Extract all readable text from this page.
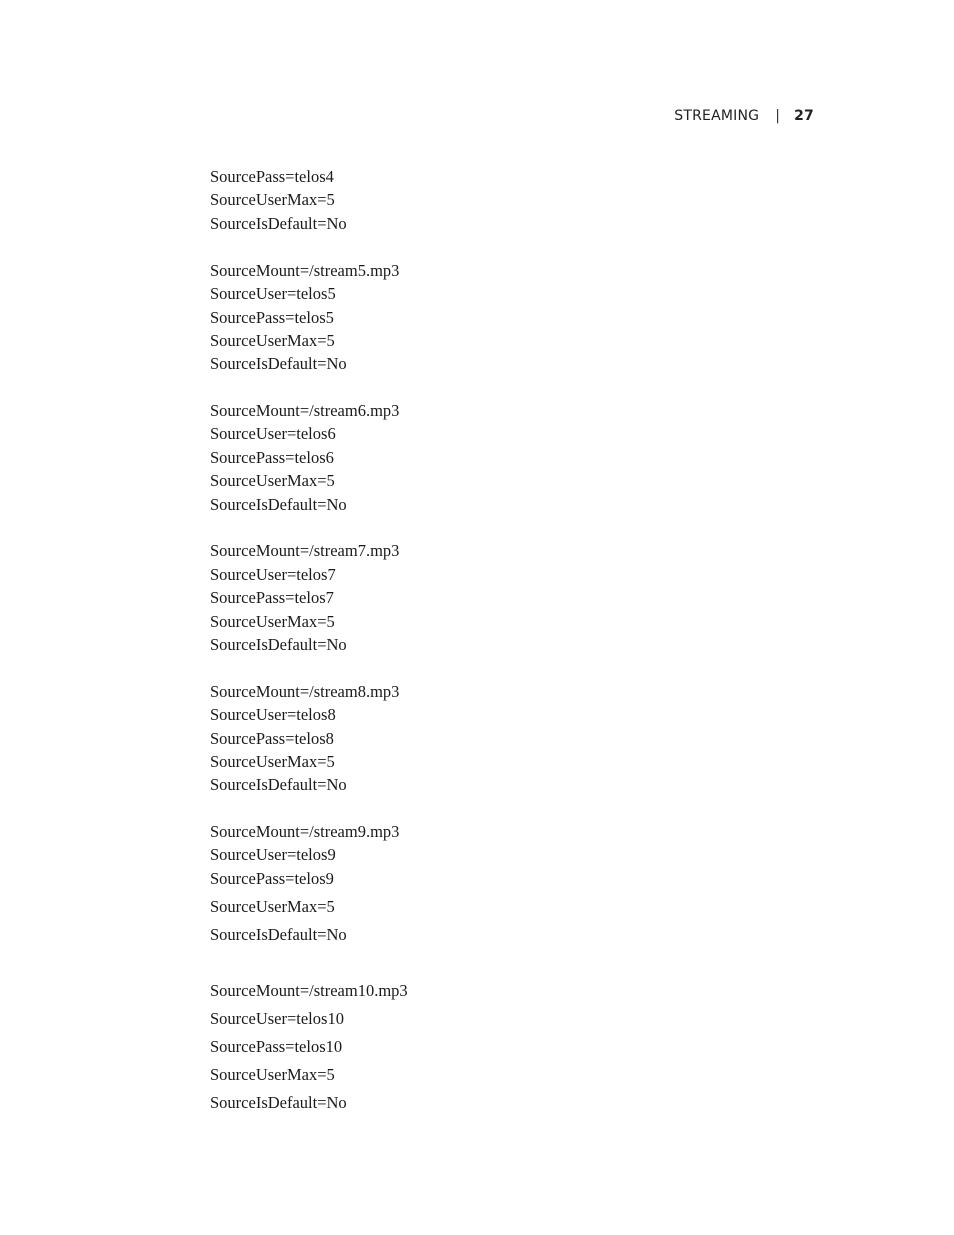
STREAMING | 27
SourcePass=telos4
SourceUserMax=5
SourceIsDefault=No
SourceMount=/stream5.mp3
SourceUser=telos5
SourcePass=telos5
SourceUserMax=5
SourceIsDefault=No
SourceMount=/stream6.mp3
SourceUser=telos6
SourcePass=telos6
SourceUserMax=5
SourceIsDefault=No
SourceMount=/stream7.mp3
SourceUser=telos7
SourcePass=telos7
SourceUserMax=5
SourceIsDefault=No
SourceMount=/stream8.mp3
SourceUser=telos8
SourcePass=telos8
SourceUserMax=5
SourceIsDefault=No
SourceMount=/stream9.mp3
SourceUser=telos9
SourcePass=telos9
SourceUserMax=5
SourceIsDefault=No
SourceMount=/stream10.mp3
SourceUser=telos10
SourcePass=telos10
SourceUserMax=5
SourceIsDefault=No
